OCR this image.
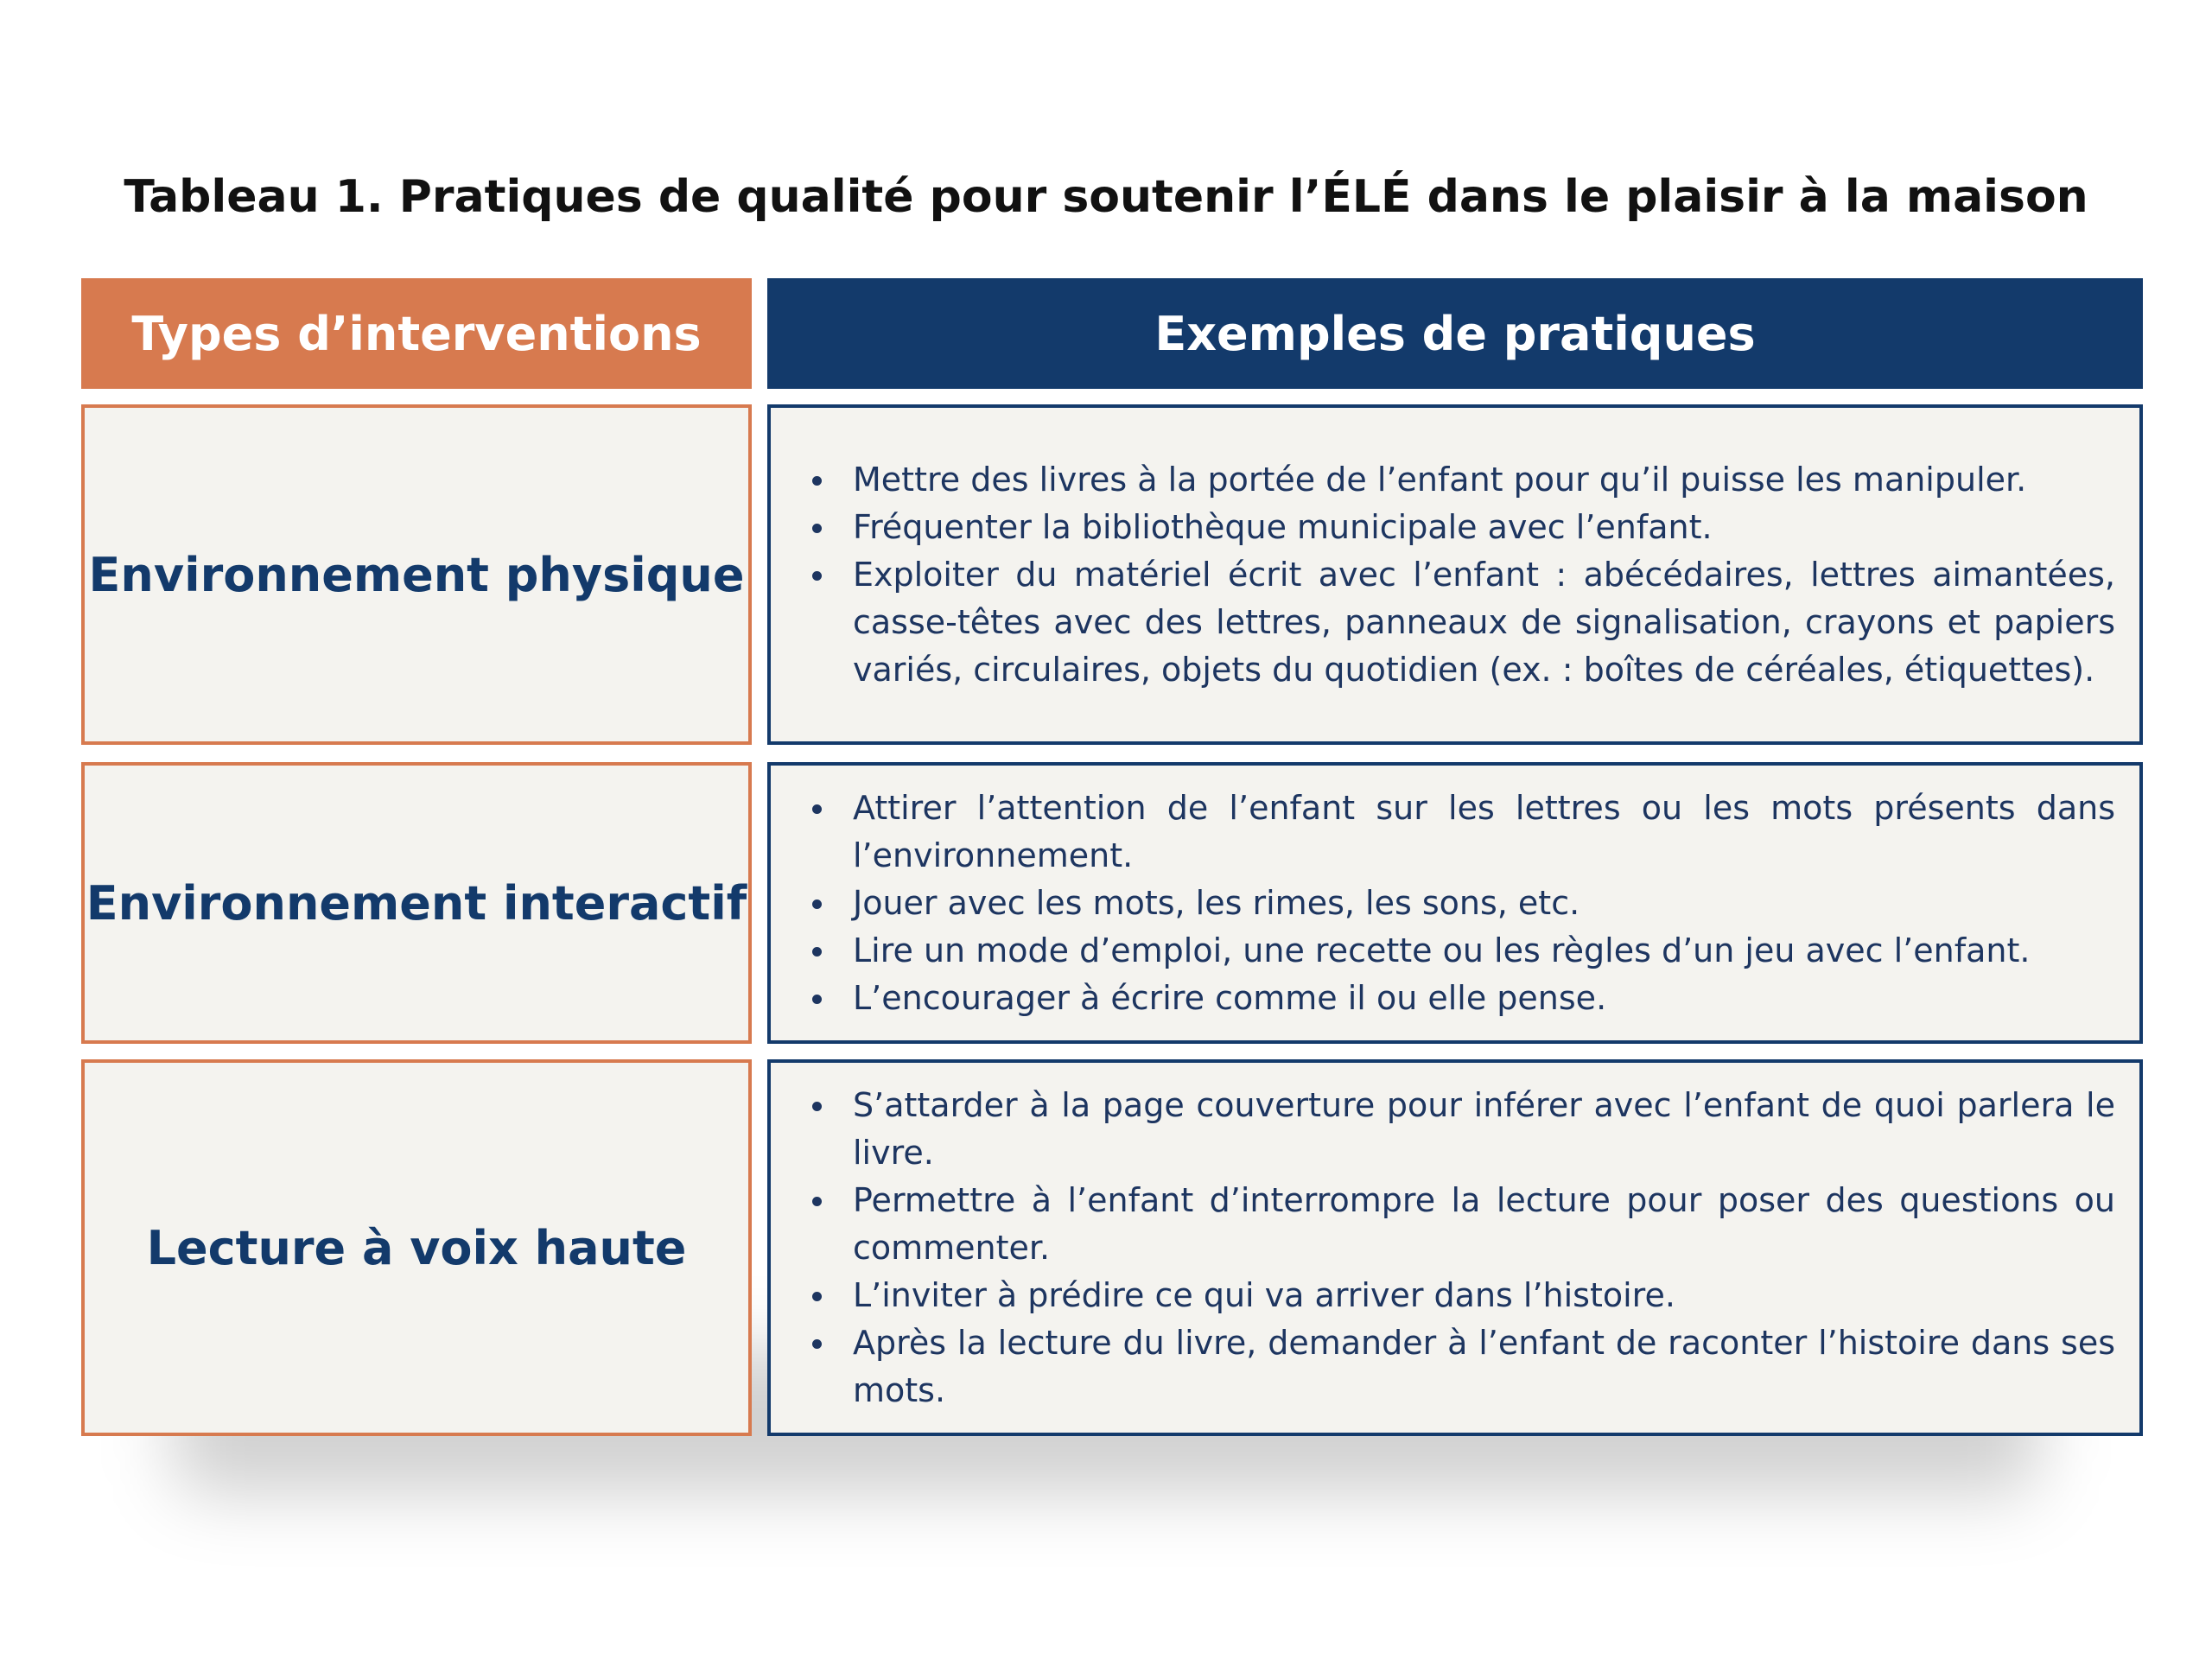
Tableau 1. Pratiques de qualité pour soutenir l’ÉLÉ dans le plaisir à la maison
Types d’interventions	Exemples de pratiques
Environnement physique
Mettre des livres à la portée de l’enfant pour qu’il puisse les manipuler.
Fréquenter la bibliothèque municipale avec l’enfant.
Exploiter du matériel écrit avec l’enfant : abécédaires, lettres aimantées, casse-têtes avec des lettres, panneaux de signalisation, crayons et papiers variés, circulaires, objets du quotidien (ex. : boîtes de céréales, étiquettes).
Environnement interactif
Attirer l’attention de l’enfant sur les lettres ou les mots présents dans l’environnement.
Jouer avec les mots, les rimes, les sons, etc.
Lire un mode d’emploi, une recette ou les règles d’un jeu avec l’enfant.
L’encourager à écrire comme il ou elle pense.
Lecture à voix haute
S’attarder à la page couverture pour inférer avec l’enfant de quoi parlera le livre.
Permettre à l’enfant d’interrompre la lecture pour poser des questions ou commenter.
L’inviter à prédire ce qui va arriver dans l’histoire.
Après la lecture du livre, demander à l’enfant de raconter l’histoire dans ses mots.
